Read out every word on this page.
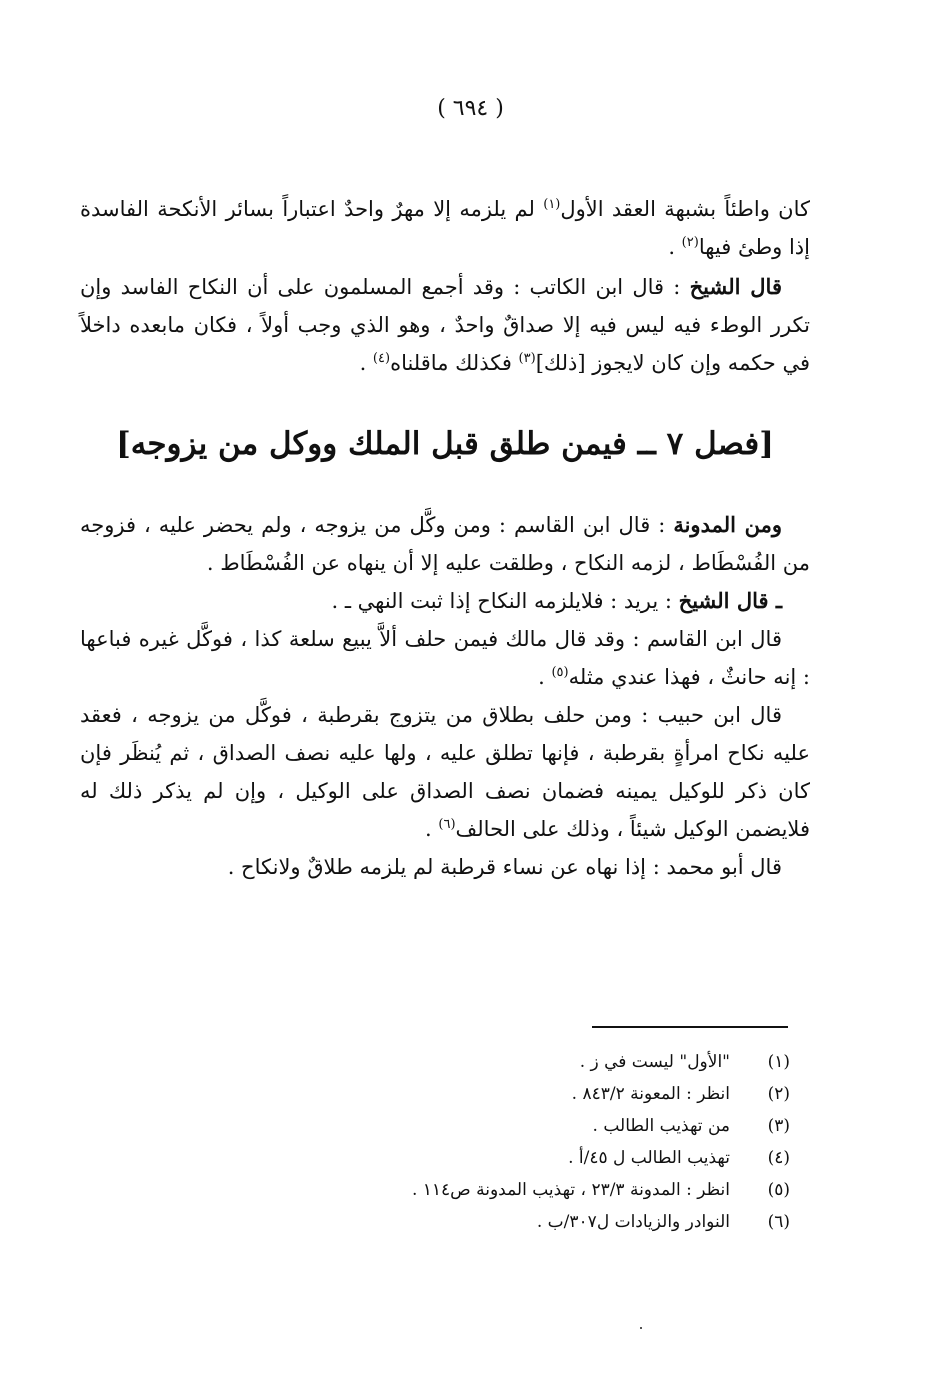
( ٦٩٤ )

كان واطئاً بشبهة العقد الأول$^{(١)}$ لم يلزمه إلا مهرٌ واحدٌ اعتباراً بسائر الأنكحة الفاسدة إذا وطئ فيها$^{(٢)}$ .

قال الشيخ : قال ابن الكاتب : وقد أجمع المسلمون على أن النكاح الفاسد وإن تكرر الوطء فيه ليس فيه إلا صداقٌ واحدٌ ، وهو الذي وجب أولاً ، فكان مابعده داخلاً في حكمه وإن كان لايجوز [ذلك]$^{(٣)}$ فكذلك ماقلناه$^{(٤)}$ .

[فصل ٧ ــ فيمن طلق قبل الملك ووكل من يزوجه]

ومن المدونة : قال ابن القاسم : ومن وكَّل من يزوجه ، ولم يحضر عليه ، فزوجه من الفُسْطَاط ، لزمه النكاح ، وطلقت عليه إلا أن ينهاه عن الفُسْطَاط .

ـ قال الشيخ : يريد : فلايلزمه النكاح إذا ثبت النهي ـ .

قال ابن القاسم : وقد قال مالك فيمن حلف ألاَّ يبيع سلعة كذا ، فوكَّل غيره فباعها : إنه حانثٌ ، فهذا عندي مثله$^{(٥)}$ .

قال ابن حبيب : ومن حلف بطلاق من يتزوج بقرطبة ، فوكَّل من يزوجه ، فعقد عليه نكاح امرأةٍ بقرطبة ، فإنها تطلق عليه ، ولها عليه نصف الصداق ، ثم يُنظَر فإن كان ذكر للوكيل يمينه فضمان نصف الصداق على الوكيل ، وإن لم يذكر ذلك له فلايضمن الوكيل شيئاً ، وذلك على الحالف$^{(٦)}$ .

قال أبو محمد : إذا نهاه عن نساء قرطبة لم يلزمه طلاقٌ ولانكاح .

(١)
"الأول" ليست في ز .
(٢)
انظر : المعونة ٨٤٣/٢ .
(٣)
من تهذيب الطالب .
(٤)
تهذيب الطالب ل ٤٥/أ .
(٥)
انظر : المدونة ٢٣/٣ ، تهذيب المدونة ص١١٤ .
(٦)
النوادر والزيادات ل٣٠٧/ب .
